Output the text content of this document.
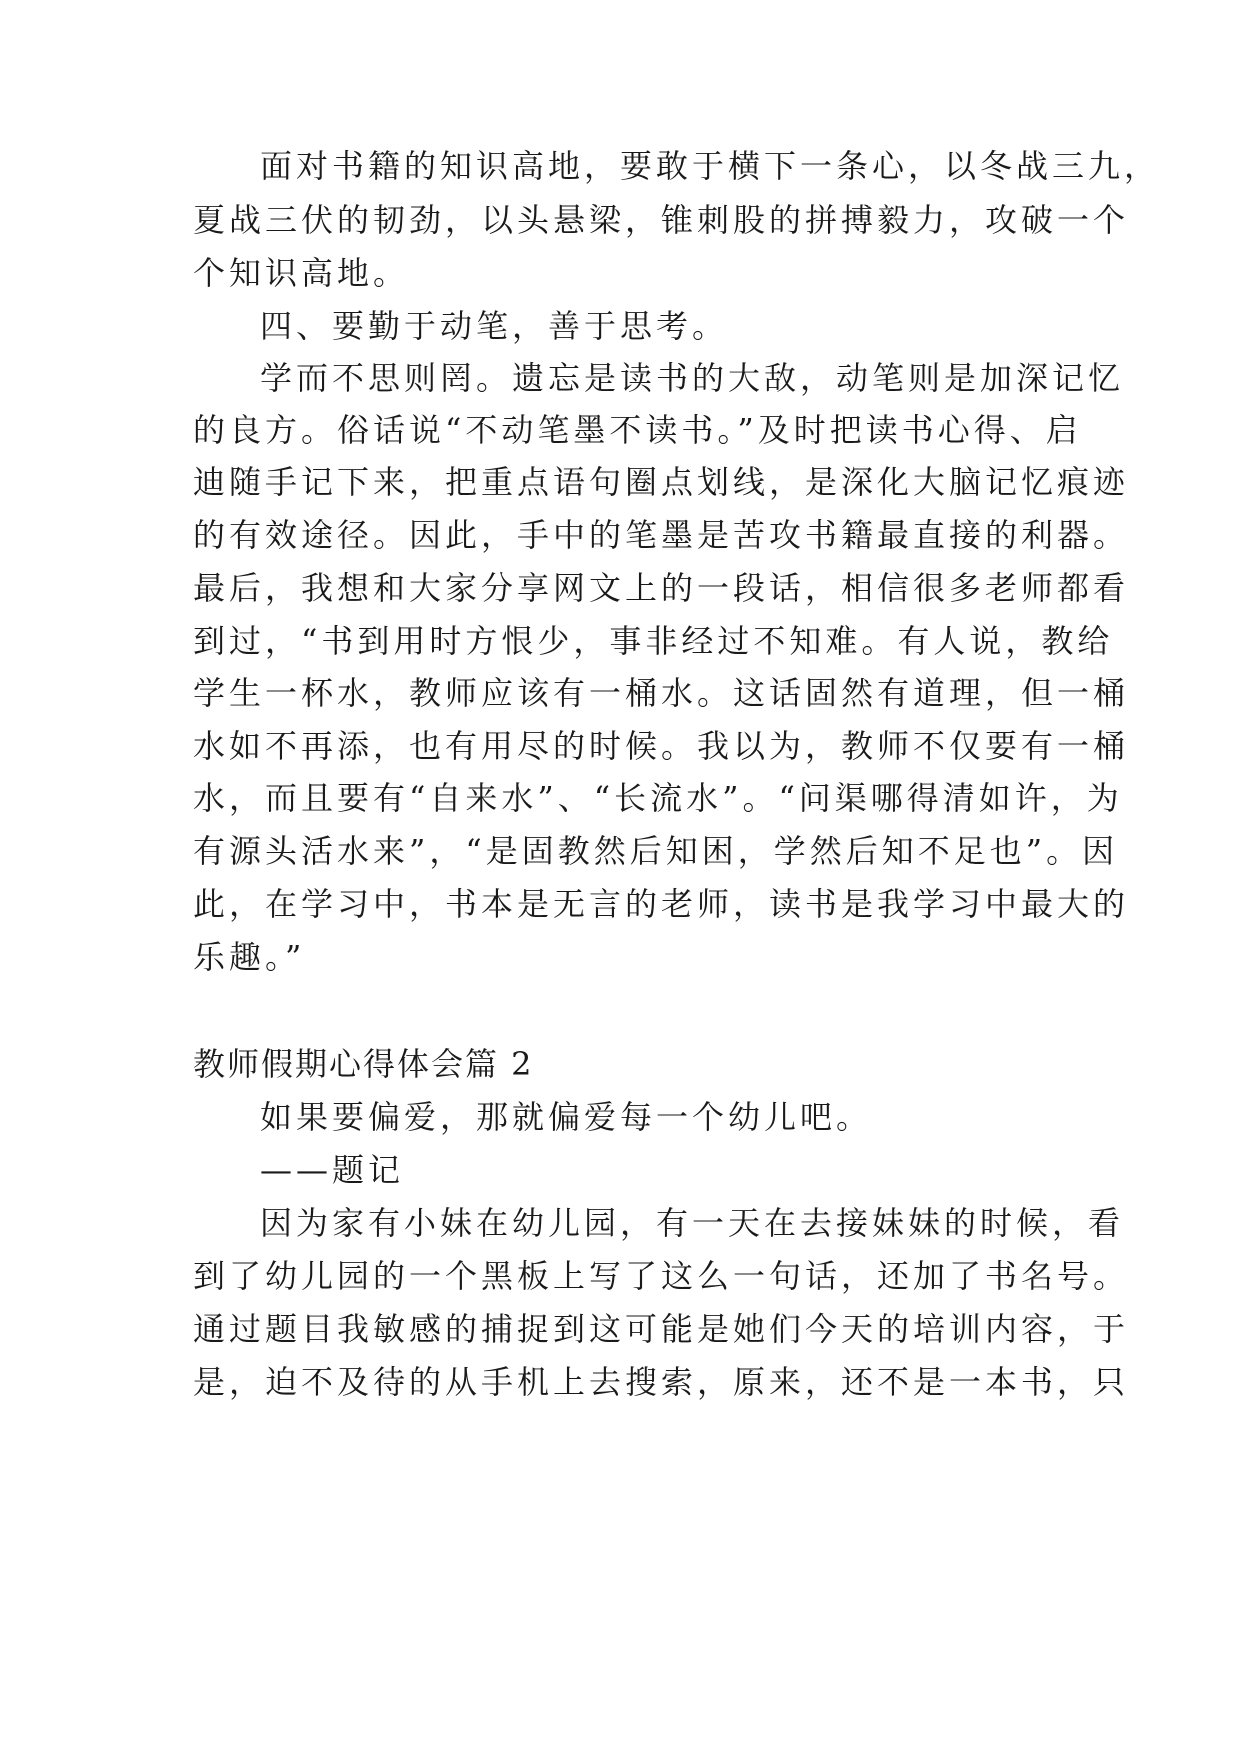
面对书籍的知识高地，要敢于横下一条心，以冬战三九，
夏战三伏的韧劲，以头悬梁，锥刺股的拼搏毅力，攻破一个
个知识高地。
四、要勤于动笔，善于思考。
学而不思则罔。遗忘是读书的大敌，动笔则是加深记忆
的良方。俗话说“不动笔墨不读书。”及时把读书心得、启
迪随手记下来，把重点语句圈点划线，是深化大脑记忆痕迹
的有效途径。因此，手中的笔墨是苦攻书籍最直接的利器。
最后，我想和大家分享网文上的一段话，相信很多老师都看
到过，“书到用时方恨少，事非经过不知难。有人说，教给
学生一杯水，教师应该有一桶水。这话固然有道理，但一桶
水如不再添，也有用尽的时候。我以为，教师不仅要有一桶
水，而且要有“自来水”、“长流水”。“问渠哪得清如许，为
有源头活水来”，“是固教然后知困，学然后知不足也”。因
此，在学习中，书本是无言的老师，读书是我学习中最大的
乐趣。”
教师假期心得体会篇 2
如果要偏爱，那就偏爱每一个幼儿吧。
——题记
因为家有小妹在幼儿园，有一天在去接妹妹的时候，看
到了幼儿园的一个黑板上写了这么一句话，还加了书名号。
通过题目我敏感的捕捉到这可能是她们今天的培训内容，于
是，迫不及待的从手机上去搜索，原来，还不是一本书，只
